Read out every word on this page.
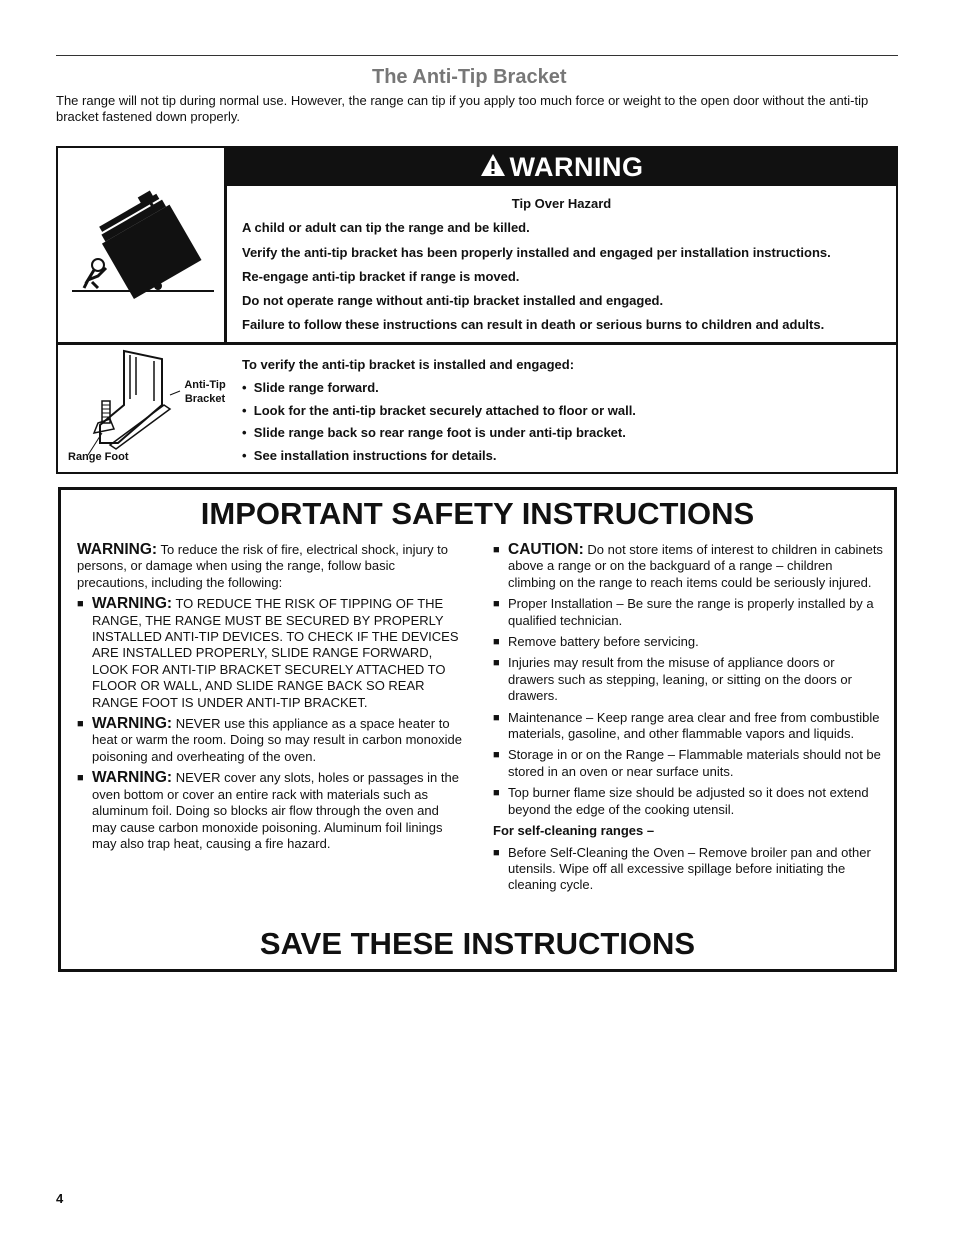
The Anti-Tip Bracket

The range will not tip during normal use. However, the range can tip if you apply too much force or weight to the open door without the anti-tip bracket fastened down properly.

WARNING

Tip Over Hazard

A child or adult can tip the range and be killed.

Verify the anti-tip bracket has been properly installed and engaged per installation instructions.

Re-engage anti-tip bracket if range is moved.

Do not operate range without anti-tip bracket installed and engaged.

Failure to follow these instructions can result in death or serious burns to children and adults.

Anti-Tip
Bracket
Range Foot

To verify the anti-tip bracket is installed and engaged:

• Slide range forward.

• Look for the anti-tip bracket securely attached to floor or wall.

• Slide range back so rear range foot is under anti-tip bracket.

• See installation instructions for details.

IMPORTANT SAFETY INSTRUCTIONS

WARNING: To reduce the risk of fire, electrical shock, injury to persons, or damage when using the range, follow basic precautions, including the following:

■ WARNING: TO REDUCE THE RISK OF TIPPING OF THE RANGE, THE RANGE MUST BE SECURED BY PROPERLY INSTALLED ANTI-TIP DEVICES. TO CHECK IF THE DEVICES ARE INSTALLED PROPERLY, SLIDE RANGE FORWARD, LOOK FOR ANTI-TIP BRACKET SECURELY ATTACHED TO FLOOR OR WALL, AND SLIDE RANGE BACK SO REAR RANGE FOOT IS UNDER ANTI-TIP BRACKET.

■ WARNING: NEVER use this appliance as a space heater to heat or warm the room. Doing so may result in carbon monoxide poisoning and overheating of the oven.

■ WARNING: NEVER cover any slots, holes or passages in the oven bottom or cover an entire rack with materials such as aluminum foil. Doing so blocks air flow through the oven and may cause carbon monoxide poisoning. Aluminum foil linings may also trap heat, causing a fire hazard.

■ CAUTION: Do not store items of interest to children in cabinets above a range or on the backguard of a range – children climbing on the range to reach items could be seriously injured.

■ Proper Installation – Be sure the range is properly installed by a qualified technician.

■ Remove battery before servicing.

■ Injuries may result from the misuse of appliance doors or drawers such as stepping, leaning, or sitting on the doors or drawers.

■ Maintenance – Keep range area clear and free from combustible materials, gasoline, and other flammable vapors and liquids.

■ Storage in or on the Range – Flammable materials should not be stored in an oven or near surface units.

■ Top burner flame size should be adjusted so it does not extend beyond the edge of the cooking utensil.

For self-cleaning ranges –

■ Before Self-Cleaning the Oven – Remove broiler pan and other utensils. Wipe off all excessive spillage before initiating the cleaning cycle.

SAVE THESE INSTRUCTIONS
4
